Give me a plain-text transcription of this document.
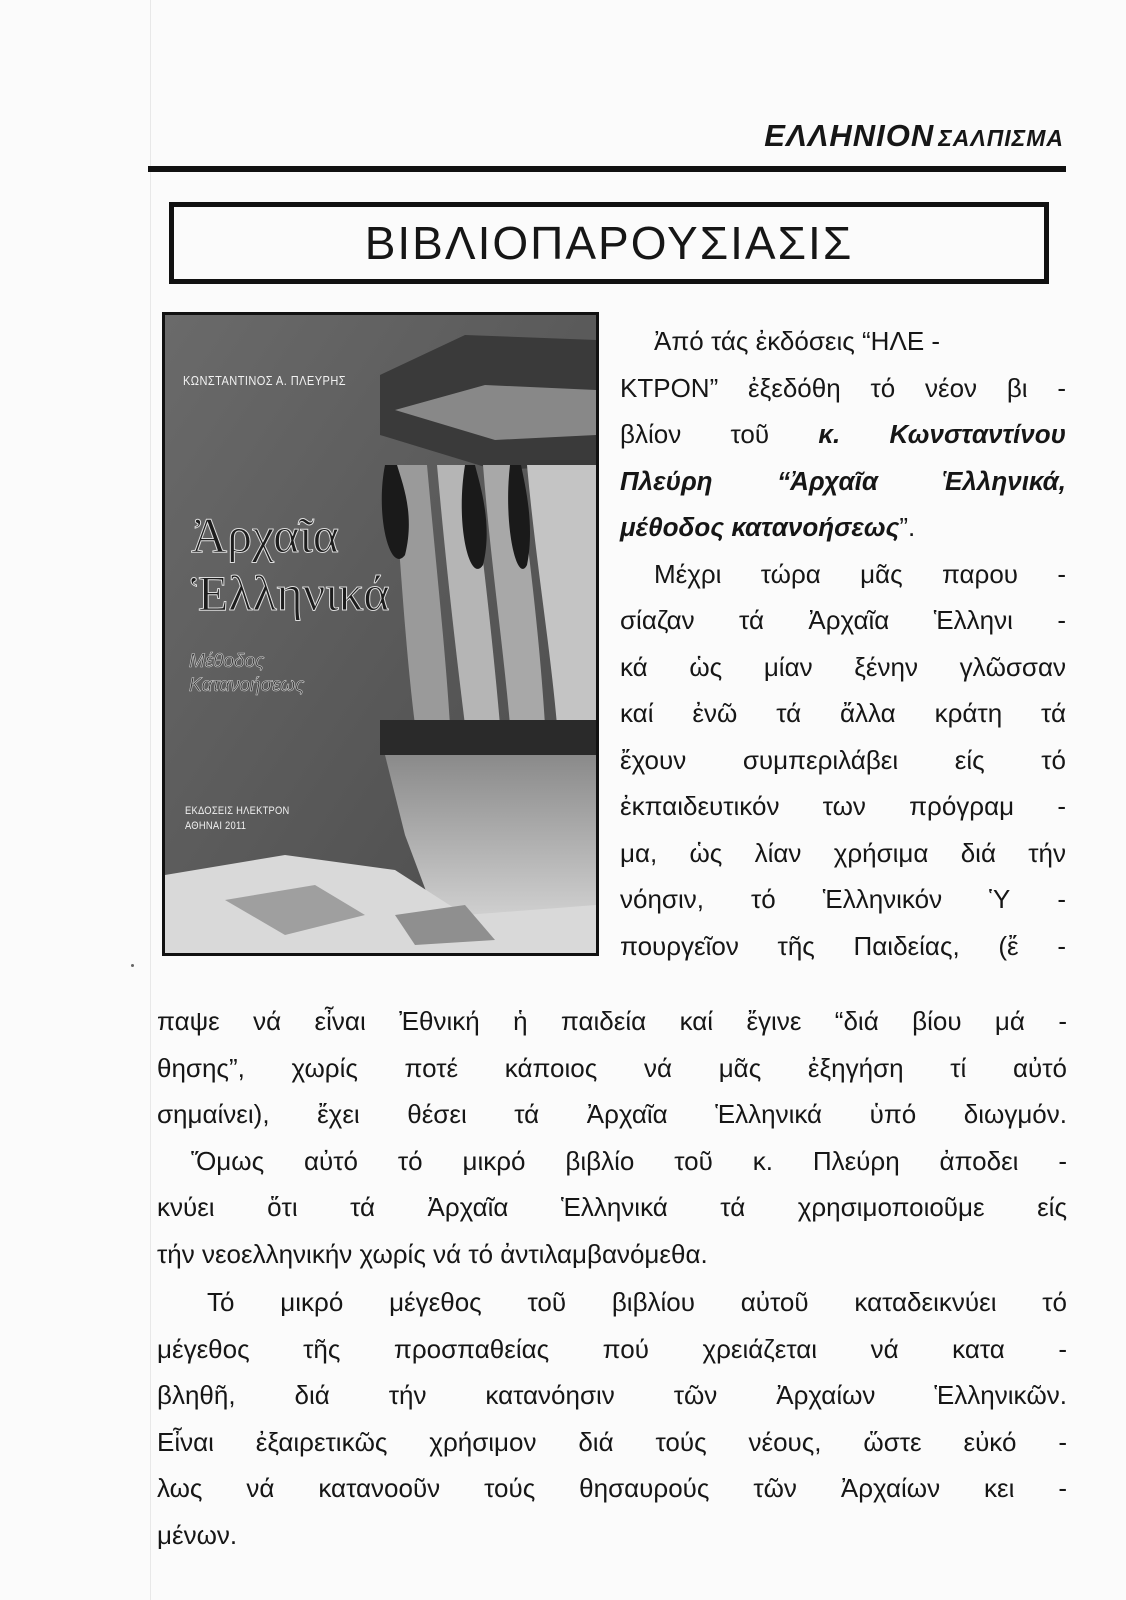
ΕΛΛΗΝΙΟΝ ΣΑΛΠΙΣΜΑ
ΒΙΒΛΙΟΠΑΡΟΥΣΙΑΣΙΣ
ΚΩΝΣΤΑΝΤΙΝΟΣ Α. ΠΛΕΥΡΗΣ
Ἀρχαῖα
Ἑλληνικά
Μέθοδος
Κατανοήσεως
ΕΚΔΟΣΕΙΣ ΗΛΕΚΤΡΟΝ
ΑΘΗΝΑΙ 2011
Ἀπό τάς ἐκδόσεις “ΗΛΕ -
ΚΤΡΟΝ” ἐξεδόθη τό νέον βι -
βλίον τοῦ κ. Κωνσταντίνου
Πλεύρη “Ἀρχαῖα Ἑλληνικά,
μέθοδος κατανοήσεως”.
Μέχρι τώρα μᾶς παρου -
σίαζαν τά Ἀρχαῖα Ἑλληνι -
κά ὡς μίαν ξένην γλῶσσαν
καί ἐνῶ τά ἄλλα κράτη τά
ἔχουν συμπεριλάβει είς τό
ἐκπαιδευτικόν των πρόγραμ -
μα, ὡς λίαν χρήσιμα διά τήν
νόησιν, τό Ἑλληνικόν Ὑ -
πουργεῖον τῆς Παιδείας, (ἔ -
παψε νά εἶναι Ἐθνική ἡ παιδεία καί ἔγινε “διά βίου μά -
θησης”, χωρίς ποτέ κάποιος νά μᾶς ἐξηγήση τί αὐτό
σημαίνει), ἔχει θέσει τά Ἀρχαῖα Ἑλληνικά ὑπό διωγμόν.
Ὅμως αὐτό τό μικρό βιβλίο τοῦ κ. Πλεύρη ἀποδει -
κνύει ὅτι τά Ἀρχαῖα Ἑλληνικά τά χρησιμοποιοῦμε είς
τήν νεοελληνικήν χωρίς νά τό ἀντιλαμβανόμεθα.
Τό μικρό μέγεθος τοῦ βιβλίου αὐτοῦ καταδεικνύει τό
μέγεθος τῆς προσπαθείας πού χρειάζεται νά κατα -
βληθῆ, διά τήν κατανόησιν τῶν Ἀρχαίων Ἑλληνικῶν.
Εἶναι ἐξαιρετικῶς χρήσιμον διά τούς νέους, ὥστε εὐκό -
λως νά κατανοοῦν τούς θησαυρούς τῶν Ἀρχαίων κει -
μένων.
